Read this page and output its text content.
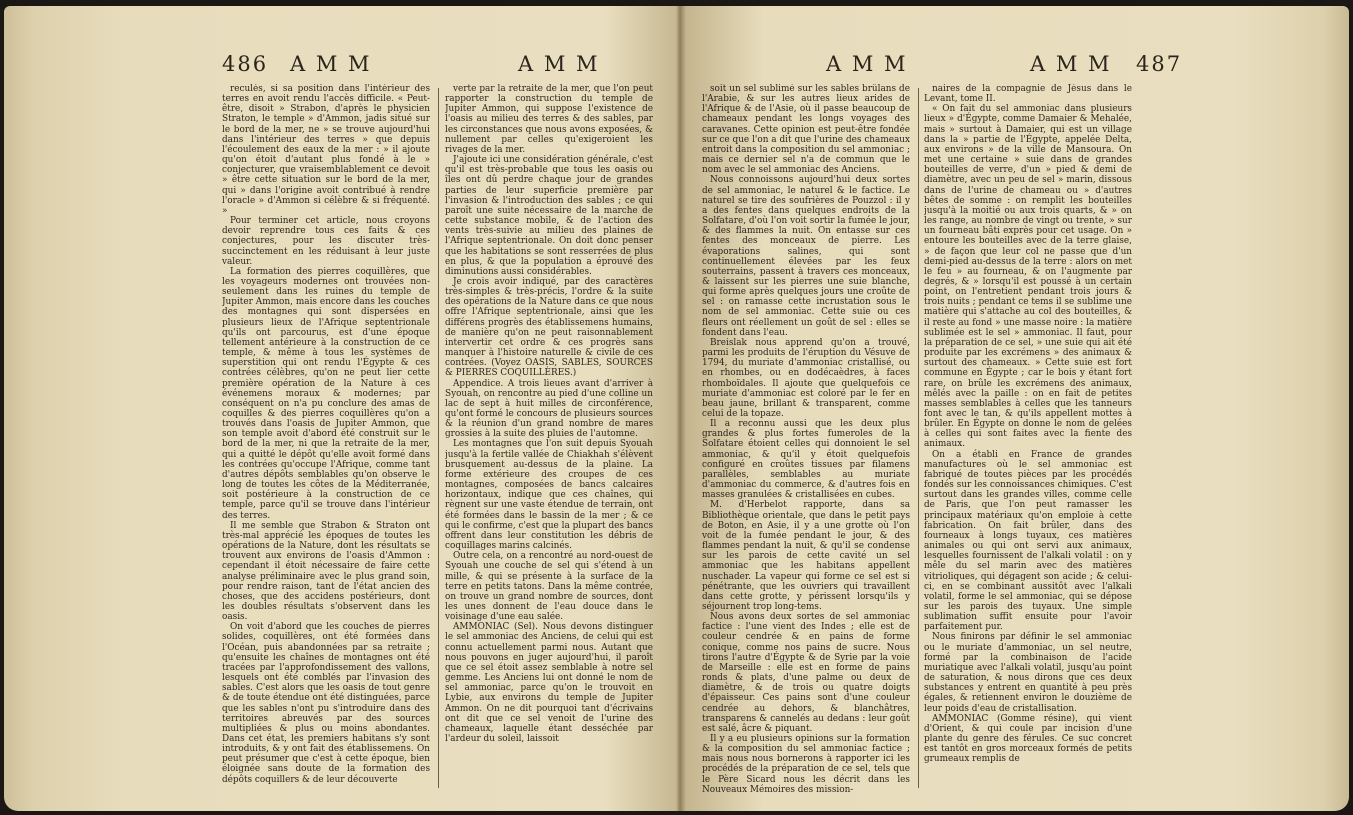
486 A M M	A M M

reculés, si sa position dans l'intérieur des terres en avoit rendu l'accès difficile. « Peut-être, disoit » Strabon, d'après le physicien Straton, le temple » d'Ammon, jadis situé sur le bord de la mer, ne » se trouve aujourd'hui dans l'intérieur des terres » que depuis l'écoulement des eaux de la mer : » il ajoute qu'on étoit d'autant plus fondé à le » conjecturer, que vraisemblablement ce devoit » être cette situation sur le bord de la mer, qui » dans l'origine avoit contribué à rendre l'oracle » d'Ammon si célèbre & si fréquenté. »

Pour terminer cet article, nous croyons devoir reprendre tous ces faits & ces conjectures, pour les discuter très-succinctement en les réduisant à leur juste valeur.

La formation des pierres coquillères, que les voyageurs modernes ont trouvées non-seulement dans les ruines du temple de Jupiter Ammon, mais encore dans les couches des montagnes qui sont dispersées en plusieurs lieux de l'Afrique septentrionale qu'ils ont parcourus, est d'une époque tellement antérieure à la construction de ce temple, & même à tous les systèmes de superstition qui ont rendu l'Égypte & ces contrées célèbres, qu'on ne peut lier cette première opération de la Nature à ces événemens moraux & modernes; par conséquent on n'a pu conclure des amas de coquilles & des pierres coquillères qu'on a trouvés dans l'oasis de Jupiter Ammon, que son temple avoit d'abord été construit sur le bord de la mer, ni que la retraite de la mer, qui a quitté le dépôt qu'elle avoit formé dans les contrées qu'occupe l'Afrique, comme tant d'autres dépôts semblables qu'on observe le long de toutes les côtes de la Méditerranée, soit postérieure à la construction de ce temple, parce qu'il se trouve dans l'intérieur des terres.

Il me semble que Strabon & Straton ont très-mal apprécié les époques de toutes les opérations de la Nature, dont les résultats se trouvent aux environs de l'oasis d'Ammon : cependant il étoit nécessaire de faire cette analyse préliminaire avec le plus grand soin, pour rendre raison, tant de l'état ancien des choses, que des accidens postérieurs, dont les doubles résultats s'observent dans les oasis.

On voit d'abord que les couches de pierres solides, coquillères, ont été formées dans l'Océan, puis abandonnées par sa retraite ; qu'ensuite les chaînes de montagnes ont été tracées par l'approfondissement des vallons, lesquels ont été comblés par l'invasion des sables. C'est alors que les oasis de tout genre & de toute étendue ont été distinguées, parce que les sables n'ont pu s'introduire dans des territoires abreuvés par des sources multipliées & plus ou moins abondantes. Dans cet état, les premiers habitans s'y sont introduits, & y ont fait des établissemens. On peut présumer que c'est à cette époque, bien éloignée sans doute de la formation des dépôts coquillers & de leur découverte

verte par la retraite de la mer, que l'on peut rapporter la construction du temple de Jupiter Ammon, qui suppose l'existence de l'oasis au milieu des terres & des sables, par les circonstances que nous avons exposées, & nullement par celles qu'exigeroient les rivages de la mer.

J'ajoute ici une considération générale, c'est qu'il est très-probable que tous les oasis ou îles ont dû perdre chaque jour de grandes parties de leur superficie première par l'invasion & l'introduction des sables ; ce qui paroît une suite nécessaire de la marche de cette substance mobile, & de l'action des vents très-suivie au milieu des plaines de l'Afrique septentrionale. On doit donc penser que les habitations se sont resserrées de plus en plus, & que la population a éprouvé des diminutions aussi considérables.

Je crois avoir indiqué, par des caractères très-simples & très-précis, l'ordre & la suite des opérations de la Nature dans ce que nous offre l'Afrique septentrionale, ainsi que les différens progrès des établissemens humains, de manière qu'on ne peut raisonnablement intervertir cet ordre & ces progrès sans manquer à l'histoire naturelle & civile de ces contrées. (Voyez OASIS, SABLES, SOURCES & PIERRES COQUILLÈRES.)

Appendice. A trois lieues avant d'arriver à Syouah, on rencontre au pied d'une colline un lac de sept à huit milles de circonférence, qu'ont formé le concours de plusieurs sources & la réunion d'un grand nombre de mares grossies à la suite des pluies de l'automne.

Les montagnes que l'on suit depuis Syouah jusqu'à la fertile vallée de Chiakhah s'élèvent brusquement au-dessus de la plaine. La forme extérieure des croupes de ces montagnes, composées de bancs calcaires horizontaux, indique que ces chaînes, qui règnent sur une vaste étendue de terrain, ont été formées dans le bassin de la mer ; & ce qui le confirme, c'est que la plupart des bancs offrent dans leur constitution les débris de coquillages marins calcinés.

Outre cela, on a rencontré au nord-ouest de Syouah une couche de sel qui s'étend à un mille, & qui se présente à la surface de la terre en petits tatons. Dans la même contrée, on trouve un grand nombre de sources, dont les unes donnent de l'eau douce dans le voisinage d'une eau salée.

AMMONIAC (Sel). Nous devons distinguer le sel ammoniac des Anciens, de celui qui est connu actuellement parmi nous. Autant que nous pouvons en juger aujourd'hui, il paroît que ce sel étoit assez semblable à notre sel gemme. Les Anciens lui ont donné le nom de sel ammoniac, parce qu'on le trouvoit en Lybie, aux environs du temple de Jupiter Ammon. On ne dit pourquoi tant d'écrivains ont dit que ce sel venoit de l'urine des chameaux, laquelle étant desséchée par l'ardeur du soleil, laissoit

A M M	A M M 487

soit un sel sublimé sur les sables brûlans de l'Arabie, & sur les autres lieux arides de l'Afrique & de l'Asie, où il passe beaucoup de chameaux pendant les longs voyages des caravanes. Cette opinion est peut-être fondée sur ce que l'on a dit que l'urine des chameaux entroit dans la composition du sel ammoniac ; mais ce dernier sel n'a de commun que le nom avec le sel ammoniac des Anciens.

Nous connoissons aujourd'hui deux sortes de sel ammoniac, le naturel & le factice. Le naturel se tire des soufrières de Pouzzol : il y a des fentes dans quelques endroits de la Solfatare, d'où l'on voit sortir la fumée le jour, & des flammes la nuit. On entasse sur ces fentes des monceaux de pierre. Les évaporations salines, qui sont continuellement élevées par les feux souterrains, passent à travers ces monceaux, & laissent sur les pierres une suie blanche, qui forme après quelques jours une croûte de sel : on ramasse cette incrustation sous le nom de sel ammoniac. Cette suie ou ces fleurs ont réellement un goût de sel : elles se fondent dans l'eau.

Breislak nous apprend qu'on a trouvé, parmi les produits de l'éruption du Vésuve de 1794, du muriate d'ammoniac cristallisé, ou en rhombes, ou en dodécaèdres, à faces rhomboïdales. Il ajoute que quelquefois ce muriate d'ammoniac est coloré par le fer en beau jaune, brillant & transparent, comme celui de la topaze.

Il a reconnu aussi que les deux plus grandes & plus fortes fumeroles de la Solfatare étoient celles qui donnoient le sel ammoniac, & qu'il y étoit quelquefois configuré en croûtes tissues par filamens parallèles, semblables au muriate d'ammoniac du commerce, & d'autres fois en masses granulées & cristallisées en cubes.

M. d'Herbelot rapporte, dans sa Bibliothèque orientale, que dans le petit pays de Boton, en Asie, il y a une grotte où l'on voit de la fumée pendant le jour, & des flammes pendant la nuit, & qu'il se condense sur les parois de cette cavité un sel ammoniac que les habitans appellent nuschader. La vapeur qui forme ce sel est si pénétrante, que les ouvriers qui travaillent dans cette grotte, y périssent lorsqu'ils y séjournent trop long-tems.

Nous avons deux sortes de sel ammoniac factice : l'une vient des Indes ; elle est de couleur cendrée & en pains de forme conique, comme nos pains de sucre. Nous tirons l'autre d'Égypte & de Syrie par la voie de Marseille : elle est en forme de pains ronds & plats, d'une palme ou deux de diamètre, & de trois ou quatre doigts d'épaisseur. Ces pains sont d'une couleur cendrée au dehors, & blanchâtres, transparens & cannelés au dedans : leur goût est salé, âcre & piquant.

Il y a eu plusieurs opinions sur la formation & la composition du sel ammoniac factice ; mais nous nous bornerons à rapporter ici les procédés de la préparation de ce sel, tels que le Père Sicard nous les décrit dans les Nouveaux Mémoires des mission-

naires de la compagnie de Jésus dans le Levant, tome II.

« On fait du sel ammoniac dans plusieurs lieux » d'Égypte, comme Damaier & Mehalée, mais » surtout à Damaier, qui est un village dans la » partie de l'Égypte, appelée Delta, aux environs » de la ville de Mansoura. On met une certaine » suie dans de grandes bouteilles de verre, d'un » pied & demi de diamètre, avec un peu de sel » marin, dissous dans de l'urine de chameau ou » d'autres bêtes de somme : on remplit les bouteilles jusqu'à la moitié ou aux trois quarts, & » on les range, au nombre de vingt ou trente, » sur un fourneau bâti exprès pour cet usage. On » entoure les bouteilles avec de la terre glaise, » de façon que leur col ne passe que d'un demi-pied au-dessus de la terre : alors on met le feu » au fourneau, & on l'augmente par degrés, & » lorsqu'il est poussé à un certain point, on l'entretient pendant trois jours & trois nuits ; pendant ce tems il se sublime une matière qui s'attache au col des bouteilles, & il reste au fond » une masse noire : la matière sublimée est le sel » ammoniac. Il faut, pour la préparation de ce sel, » une suie qui ait été produite par les excrémens » des animaux & surtout des chameaux. » Cette suie est fort commune en Égypte ; car le bois y étant fort rare, on brûle les excrémens des animaux, mêlés avec la paille : on en fait de petites masses semblables à celles que les tanneurs font avec le tan, & qu'ils appellent mottes à brûler. En Égypte on donne le nom de gelées à celles qui sont faites avec la fiente des animaux.

On a établi en France de grandes manufactures où le sel ammoniac est fabriqué de toutes pièces par les procédés fondés sur les connoissances chimiques. C'est surtout dans les grandes villes, comme celle de Paris, que l'on peut ramasser les principaux matériaux qu'on emploie à cette fabrication. On fait brûler, dans des fourneaux à longs tuyaux, ces matières animales ou qui ont servi aux animaux, lesquelles fournissent de l'alkali volatil : on y mêle du sel marin avec des matières vitrioliques, qui dégagent son acide ; & celui-ci, en se combinant aussitôt avec l'alkali volatil, forme le sel ammoniac, qui se dépose sur les parois des tuyaux. Une simple sublimation suffit ensuite pour l'avoir parfaitement pur.

Nous finirons par définir le sel ammoniac ou le muriate d'ammoniac, un sel neutre, formé par la combinaison de l'acide muriatique avec l'alkali volatil, jusqu'au point de saturation, & nous dirons que ces deux substances y entrent en quantité à peu près égales, & retiennent environ le douzième de leur poids d'eau de cristallisation.

AMMONIAC (Gomme résine), qui vient d'Orient, & qui coule par incision d'une plante du genre des férules. Ce suc concret est tantôt en gros morceaux formés de petits grumeaux remplis de
